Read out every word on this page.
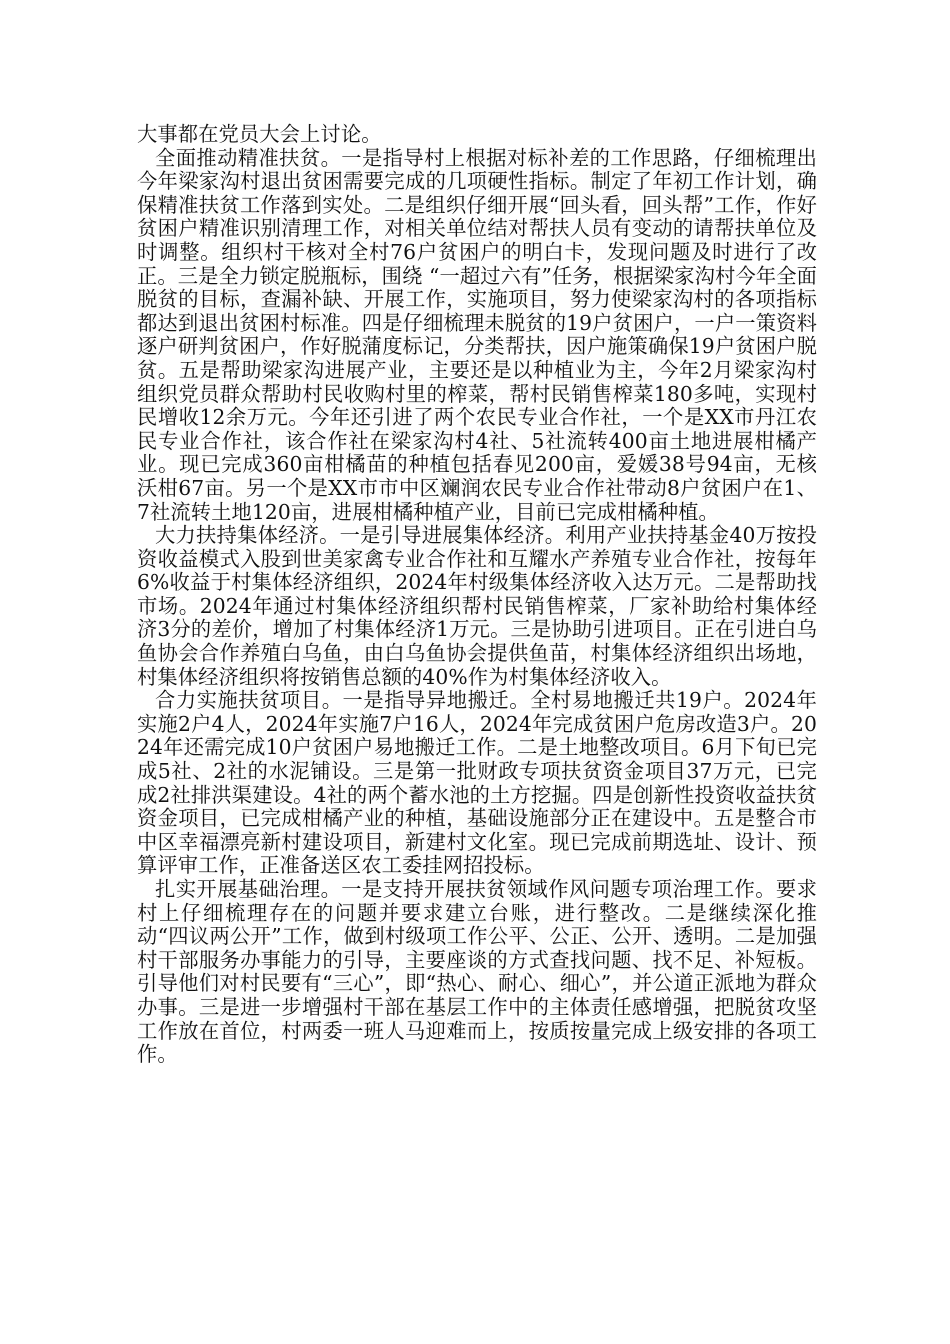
大事都在党员大会上讨论。

全面推动精准扶贫。一是指导村上根据对标补差的工作思路，仔细梳理出今年梁家沟村退出贫困需要完成的几项硬性指标。制定了年初工作计划，确保精准扶贫工作落到实处。二是组织仔细开展“回头看，回头帮”工作，作好贫困户精准识别清理工作，对相关单位结对帮扶人员有变动的请帮扶单位及时调整。组织村干核对全村76户贫困户的明白卡，发现问题及时进行了改正。三是全力锁定脱瓶标，围绕 “一超过六有”任务，根据梁家沟村今年全面脱贫的目标，查漏补缺、开展工作，实施项目，努力使梁家沟村的各项指标都达到退出贫困村标准。四是仔细梳理未脱贫的19户贫困户，一户一策资料逐户研判贫困户，作好脱蒲度标记，分类帮扶，因户施策确保19户贫困户脱贫。五是帮助梁家沟进展产业，主要还是以种植业为主，今年2月梁家沟村组织党员群众帮助村民收购村里的榨菜，帮村民销售榨菜180多吨，实现村民增收12余万元。今年还引进了两个农民专业合作社，一个是XX市丹江农民专业合作社，该合作社在梁家沟村4社、5社流转400亩土地进展柑橘产业。现已完成360亩柑橘苗的种植包括春见200亩，爱媛38号94亩，无核沃柑67亩。另一个是XX市市中区斓润农民专业合作社带动8户贫困户在1、7社流转土地120亩，进展柑橘种植产业，目前已完成柑橘种植。

大力扶持集体经济。一是引导进展集体经济。利用产业扶持基金40万按投资收益模式入股到世美家禽专业合作社和互耀水产养殖专业合作社，按每年6%收益于村集体经济组织，2024年村级集体经济收入达万元。二是帮助找市场。2024年通过村集体经济组织帮村民销售榨菜，厂家补助给村集体经济3分的差价，增加了村集体经济1万元。三是协助引进项目。正在引进白乌鱼协会合作养殖白乌鱼，由白乌鱼协会提供鱼苗，村集体经济组织出场地，村集体经济组织将按销售总额的40%作为村集体经济收入。

合力实施扶贫项目。一是指导异地搬迁。全村易地搬迁共19户。2024年实施2户4人，2024年实施7户16人，2024年完成贫困户危房改造3户。2024年还需完成10户贫困户易地搬迁工作。二是土地整改项目。6月下旬已完成5社、2社的水泥铺设。三是第一批财政专项扶贫资金项目37万元，已完成2社排洪渠建设。4社的两个蓄水池的土方挖掘。四是创新性投资收益扶贫资金项目，已完成柑橘产业的种植，基础设施部分正在建设中。五是整合市中区幸福漂亮新村建设项目，新建村文化室。现已完成前期选址、设计、预算评审工作，正准备送区农工委挂网招投标。

扎实开展基础治理。一是支持开展扶贫领域作风问题专项治理工作。要求村上仔细梳理存在的问题并要求建立台账，进行整改。二是继续深化推动“四议两公开”工作，做到村级项工作公平、公正、公开、透明。二是加强村干部服务办事能力的引导，主要座谈的方式查找问题、找不足、补短板。引导他们对村民要有“三心”，即“热心、耐心、细心”，并公道正派地为群众办事。三是进一步增强村干部在基层工作中的主体责任感增强，把脱贫攻坚工作放在首位，村两委一班人马迎难而上，按质按量完成上级安排的各项工作。
